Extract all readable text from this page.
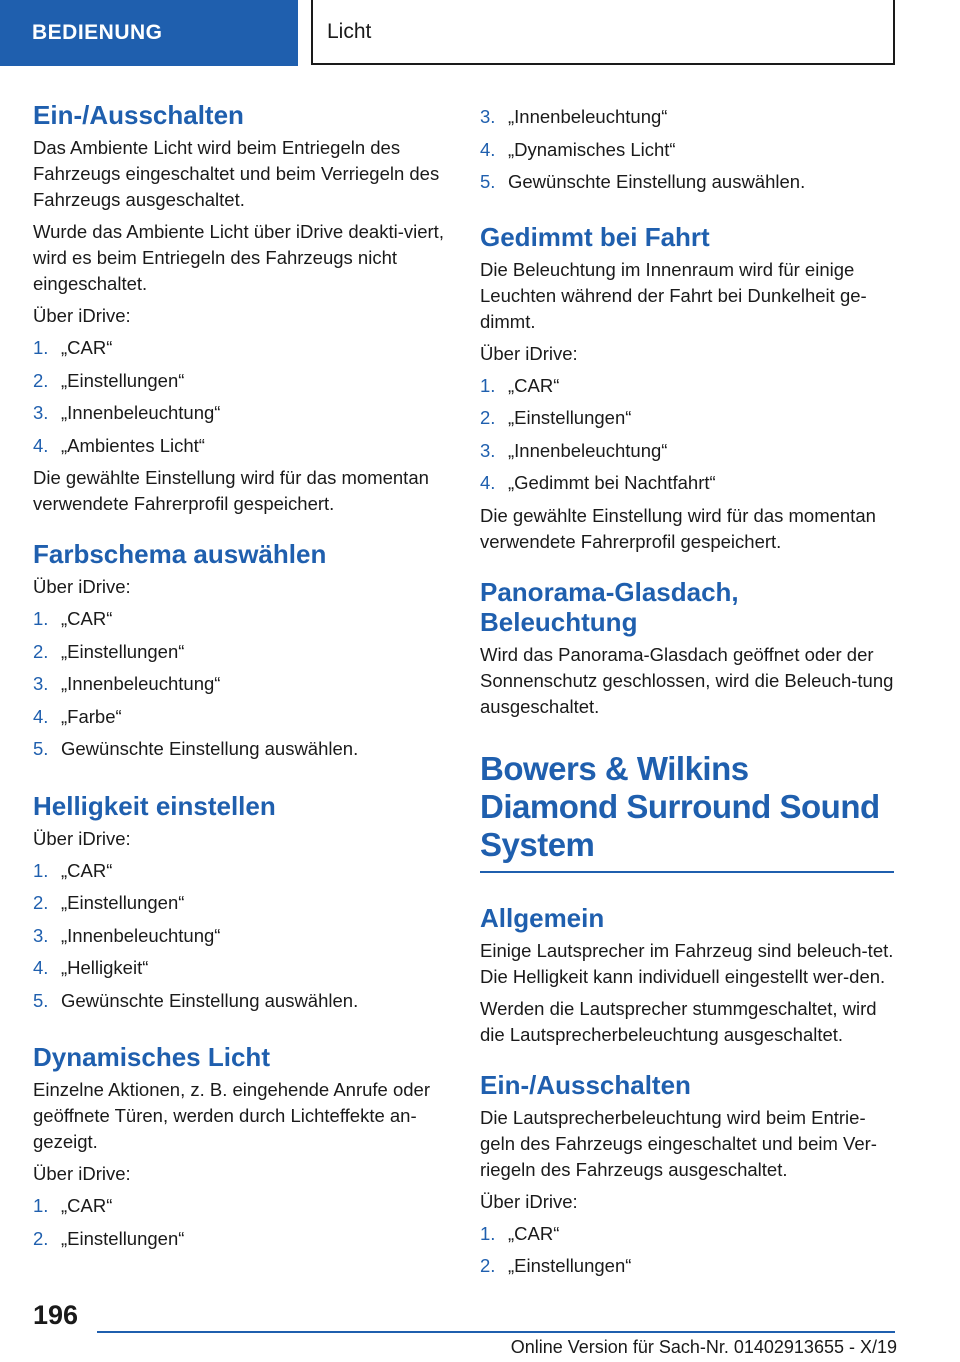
BEDIENUNG	Licht
Ein-/Ausschalten
Das Ambiente Licht wird beim Entriegeln des Fahrzeugs eingeschaltet und beim Verriegeln des Fahrzeugs ausgeschaltet.
Wurde das Ambiente Licht über iDrive deakti-viert, wird es beim Entriegeln des Fahrzeugs nicht eingeschaltet.
Über iDrive:
1. „CAR“
2. „Einstellungen“
3. „Innenbeleuchtung“
4. „Ambientes Licht“
Die gewählte Einstellung wird für das momentan verwendete Fahrerprofil gespeichert.
Farbschema auswählen
Über iDrive:
1. „CAR“
2. „Einstellungen“
3. „Innenbeleuchtung“
4. „Farbe“
5. Gewünschte Einstellung auswählen.
Helligkeit einstellen
Über iDrive:
1. „CAR“
2. „Einstellungen“
3. „Innenbeleuchtung“
4. „Helligkeit“
5. Gewünschte Einstellung auswählen.
Dynamisches Licht
Einzelne Aktionen, z. B. eingehende Anrufe oder geöffnete Türen, werden durch Lichteffekte an-gezeigt.
Über iDrive:
1. „CAR“
2. „Einstellungen“
3. „Innenbeleuchtung“
4. „Dynamisches Licht“
5. Gewünschte Einstellung auswählen.
Gedimmt bei Fahrt
Die Beleuchtung im Innenraum wird für einige Leuchten während der Fahrt bei Dunkelheit ge-dimmt.
Über iDrive:
1. „CAR“
2. „Einstellungen“
3. „Innenbeleuchtung“
4. „Gedimmt bei Nachtfahrt“
Die gewählte Einstellung wird für das momentan verwendete Fahrerprofil gespeichert.
Panorama-Glasdach, Beleuchtung
Wird das Panorama-Glasdach geöffnet oder der Sonnenschutz geschlossen, wird die Beleuch-tung ausgeschaltet.
Bowers & Wilkins Diamond Surround Sound System
Allgemein
Einige Lautsprecher im Fahrzeug sind beleuch-tet. Die Helligkeit kann individuell eingestellt wer-den.
Werden die Lautsprecher stummgeschaltet, wird die Lautsprecherbeleuchtung ausgeschaltet.
Ein-/Ausschalten
Die Lautsprecherbeleuchtung wird beim Entrie-geln des Fahrzeugs eingeschaltet und beim Ver-riegeln des Fahrzeugs ausgeschaltet.
Über iDrive:
1. „CAR“
2. „Einstellungen“
196
Online Version für Sach-Nr. 01402913655 - X/19
